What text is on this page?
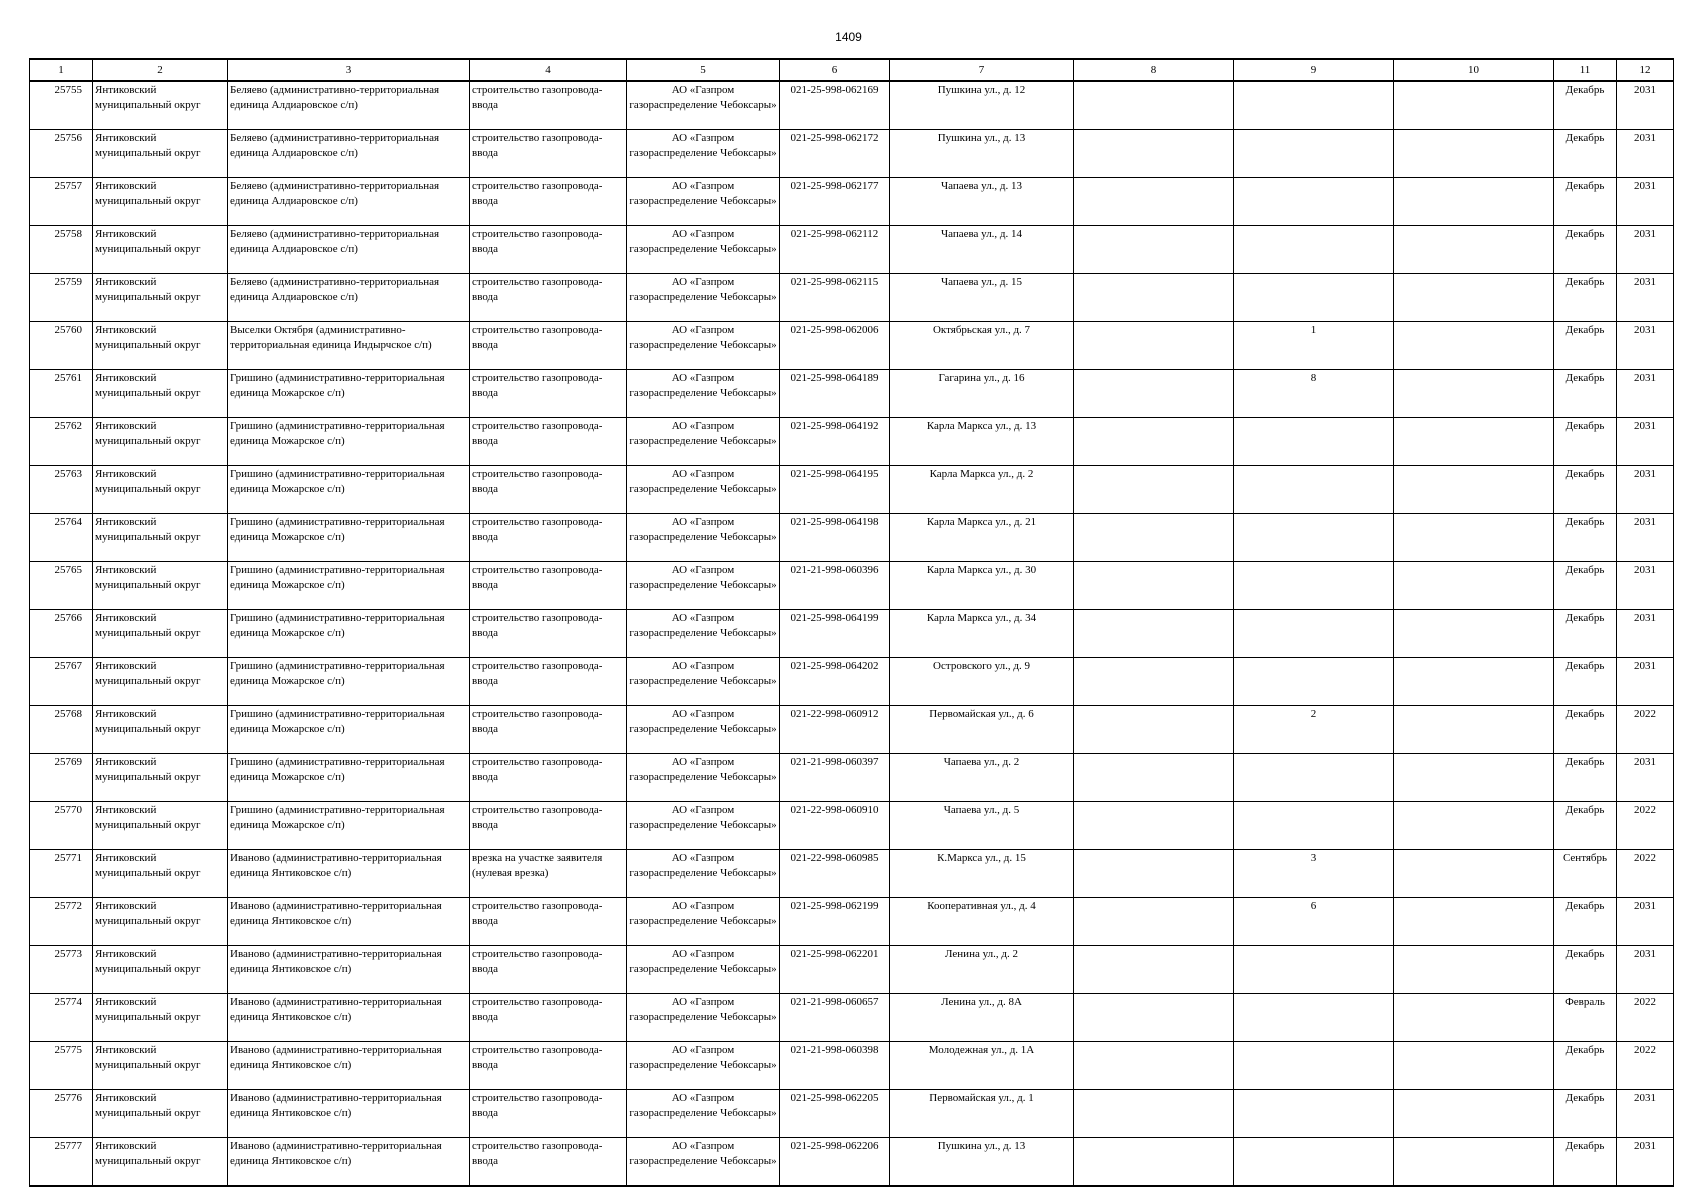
1409
1	2	3	4	5	6	7	8	9	10	11	12
25755	Янтиковский муниципальный округ	Беляево (административно-территориальная единица Алдиаровское с/п)	строительство газопровода-ввода	АО «Газпром газораспределение Чебоксары»	021-25-998-062169	Пушкина ул., д. 12				Декабрь	2031
25756	Янтиковский муниципальный округ	Беляево (административно-территориальная единица Алдиаровское с/п)	строительство газопровода-ввода	АО «Газпром газораспределение Чебоксары»	021-25-998-062172	Пушкина ул., д. 13				Декабрь	2031
25757	Янтиковский муниципальный округ	Беляево (административно-территориальная единица Алдиаровское с/п)	строительство газопровода-ввода	АО «Газпром газораспределение Чебоксары»	021-25-998-062177	Чапаева ул., д. 13				Декабрь	2031
25758	Янтиковский муниципальный округ	Беляево (административно-территориальная единица Алдиаровское с/п)	строительство газопровода-ввода	АО «Газпром газораспределение Чебоксары»	021-25-998-062112	Чапаева ул., д. 14				Декабрь	2031
25759	Янтиковский муниципальный округ	Беляево (административно-территориальная единица Алдиаровское с/п)	строительство газопровода-ввода	АО «Газпром газораспределение Чебоксары»	021-25-998-062115	Чапаева ул., д. 15				Декабрь	2031
25760	Янтиковский муниципальный округ	Выселки Октября (административно-территориальная единица Индырчское с/п)	строительство газопровода-ввода	АО «Газпром газораспределение Чебоксары»	021-25-998-062006	Октябрьская ул., д. 7		1		Декабрь	2031
25761	Янтиковский муниципальный округ	Гришино (административно-территориальная единица Можарское с/п)	строительство газопровода-ввода	АО «Газпром газораспределение Чебоксары»	021-25-998-064189	Гагарина ул., д. 16		8		Декабрь	2031
25762	Янтиковский муниципальный округ	Гришино (административно-территориальная единица Можарское с/п)	строительство газопровода-ввода	АО «Газпром газораспределение Чебоксары»	021-25-998-064192	Карла Маркса ул., д. 13				Декабрь	2031
25763	Янтиковский муниципальный округ	Гришино (административно-территориальная единица Можарское с/п)	строительство газопровода-ввода	АО «Газпром газораспределение Чебоксары»	021-25-998-064195	Карла Маркса ул., д. 2				Декабрь	2031
25764	Янтиковский муниципальный округ	Гришино (административно-территориальная единица Можарское с/п)	строительство газопровода-ввода	АО «Газпром газораспределение Чебоксары»	021-25-998-064198	Карла Маркса ул., д. 21				Декабрь	2031
25765	Янтиковский муниципальный округ	Гришино (административно-территориальная единица Можарское с/п)	строительство газопровода-ввода	АО «Газпром газораспределение Чебоксары»	021-21-998-060396	Карла Маркса ул., д. 30				Декабрь	2031
25766	Янтиковский муниципальный округ	Гришино (административно-территориальная единица Можарское с/п)	строительство газопровода-ввода	АО «Газпром газораспределение Чебоксары»	021-25-998-064199	Карла Маркса ул., д. 34				Декабрь	2031
25767	Янтиковский муниципальный округ	Гришино (административно-территориальная единица Можарское с/п)	строительство газопровода-ввода	АО «Газпром газораспределение Чебоксары»	021-25-998-064202	Островского ул., д. 9				Декабрь	2031
25768	Янтиковский муниципальный округ	Гришино (административно-территориальная единица Можарское с/п)	строительство газопровода-ввода	АО «Газпром газораспределение Чебоксары»	021-22-998-060912	Первомайская ул., д. 6		2		Декабрь	2022
25769	Янтиковский муниципальный округ	Гришино (административно-территориальная единица Можарское с/п)	строительство газопровода-ввода	АО «Газпром газораспределение Чебоксары»	021-21-998-060397	Чапаева ул., д. 2				Декабрь	2031
25770	Янтиковский муниципальный округ	Гришино (административно-территориальная единица Можарское с/п)	строительство газопровода-ввода	АО «Газпром газораспределение Чебоксары»	021-22-998-060910	Чапаева ул., д. 5				Декабрь	2022
25771	Янтиковский муниципальный округ	Иваново (административно-территориальная единица Янтиковское с/п)	врезка на участке заявителя (нулевая врезка)	АО «Газпром газораспределение Чебоксары»	021-22-998-060985	К.Маркса ул., д. 15		3		Сентябрь	2022
25772	Янтиковский муниципальный округ	Иваново (административно-территориальная единица Янтиковское с/п)	строительство газопровода-ввода	АО «Газпром газораспределение Чебоксары»	021-25-998-062199	Кооперативная ул., д. 4		6		Декабрь	2031
25773	Янтиковский муниципальный округ	Иваново (административно-территориальная единица Янтиковское с/п)	строительство газопровода-ввода	АО «Газпром газораспределение Чебоксары»	021-25-998-062201	Ленина ул., д. 2				Декабрь	2031
25774	Янтиковский муниципальный округ	Иваново (административно-территориальная единица Янтиковское с/п)	строительство газопровода-ввода	АО «Газпром газораспределение Чебоксары»	021-21-998-060657	Ленина ул., д. 8А				Февраль	2022
25775	Янтиковский муниципальный округ	Иваново (административно-территориальная единица Янтиковское с/п)	строительство газопровода-ввода	АО «Газпром газораспределение Чебоксары»	021-21-998-060398	Молодежная ул., д. 1А				Декабрь	2022
25776	Янтиковский муниципальный округ	Иваново (административно-территориальная единица Янтиковское с/п)	строительство газопровода-ввода	АО «Газпром газораспределение Чебоксары»	021-25-998-062205	Первомайская ул., д. 1				Декабрь	2031
25777	Янтиковский муниципальный округ	Иваново (административно-территориальная единица Янтиковское с/п)	строительство газопровода-ввода	АО «Газпром газораспределение Чебоксары»	021-25-998-062206	Пушкина ул., д. 13				Декабрь	2031
